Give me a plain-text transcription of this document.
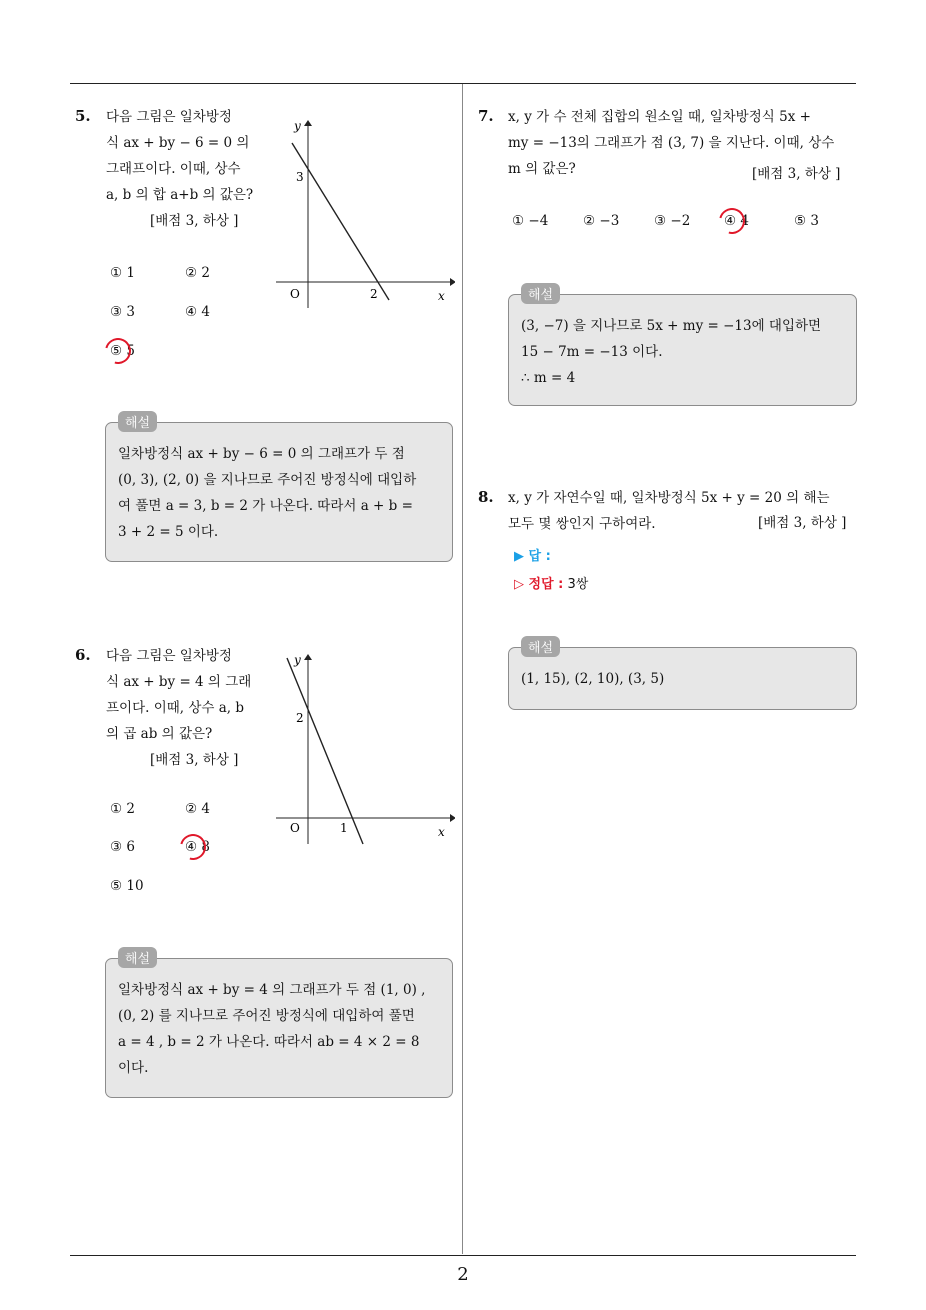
5. 다음 그림은 일차방정
식 ax + by − 6 = 0 의
그래프이다. 이때, 상수
a, b 의 합 a+b 의 값은?
[배점 3, 하상 ]
y
x
O
3
2
① 1	② 2
③ 3	④ 4
⑤ 5
해설
일차방정식 ax + by − 6 = 0 의 그래프가 두 점
(0, 3), (2, 0) 을 지나므로 주어진 방정식에 대입하
여 풀면 a = 3, b = 2 가 나온다. 따라서 a + b =
3 + 2 = 5 이다.
6. 다음 그림은 일차방정
식 ax + by = 4 의 그래
프이다. 이때, 상수 a, b
의 곱 ab 의 값은?
[배점 3, 하상 ]
y
x
O
2
1
① 2	② 4
③ 6	④ 8
⑤ 10
해설
일차방정식 ax + by = 4 의 그래프가 두 점 (1, 0) ,
(0, 2) 를 지나므로 주어진 방정식에 대입하여 풀면
a = 4 , b = 2 가 나온다. 따라서 ab = 4 × 2 = 8
이다.
7. x, y 가 수 전체 집합의 원소일 때, 일차방정식 5x +
my = −13의 그래프가 점 (3, 7) 을 지난다. 이때, 상수
m 의 값은?	[배점 3, 하상 ]
① −4	② −3	③ −2 ④ 4	⑤ 3
해설
(3, −7) 을 지나므로 5x + my = −13에 대입하면
15 − 7m = −13 이다.
∴ m = 4
8. x, y 가 자연수일 때, 일차방정식 5x + y = 20 의 해는
모두 몇 쌍인지 구하여라.	[배점 3, 하상 ]
▶ 답 :
▷ 정답 : 3쌍
해설
(1, 15), (2, 10), (3, 5)
2
